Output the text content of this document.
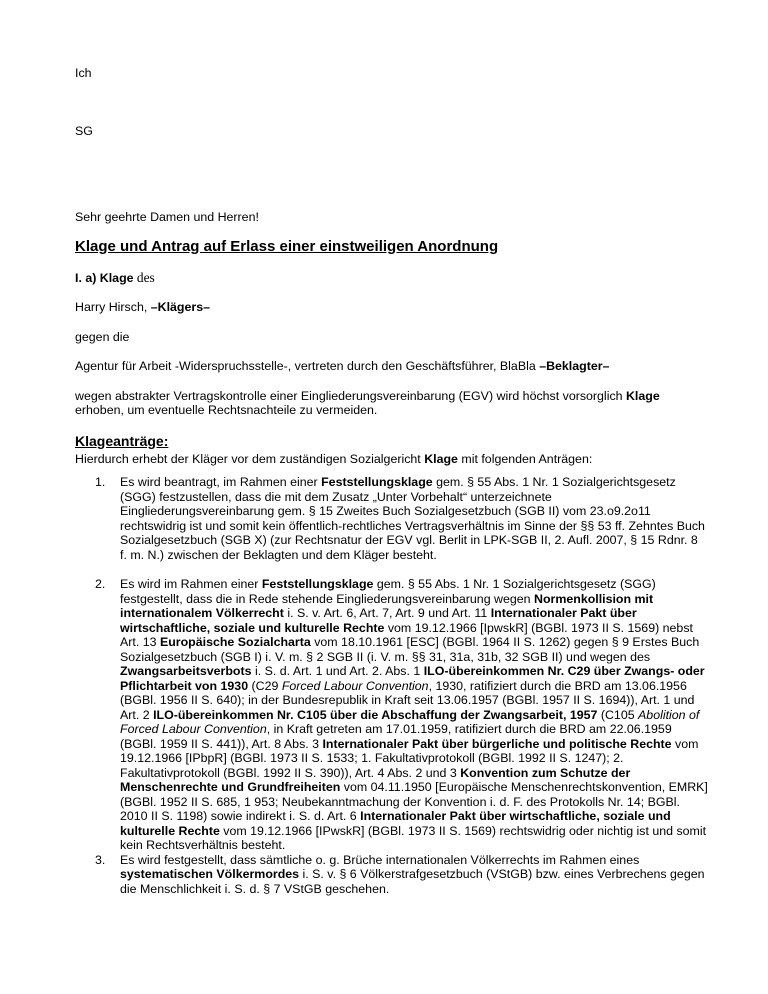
Ich

SG

Sehr geehrte Damen und Herren!

Klage und Antrag auf Erlass einer einstweiligen Anordnung

I. a) Klage des

Harry Hirsch, –Klägers–

gegen die

Agentur für Arbeit -Widerspruchsstelle-, vertreten durch den Geschäftsführer, BlaBla –Beklagter–

wegen abstrakter Vertragskontrolle einer Eingliederungsvereinbarung (EGV) wird höchst vorsorglich Klage erhoben, um eventuelle Rechtsnachteile zu vermeiden.

Klageanträge:

Hierdurch erhebt der Kläger vor dem zuständigen Sozialgericht Klage mit folgenden Anträgen:

1.	Es wird beantragt, im Rahmen einer Feststellungsklage gem. § 55 Abs. 1 Nr. 1 Sozialgerichtsgesetz (SGG) festzustellen, dass die mit dem Zusatz „Unter Vorbehalt“ unterzeichnete Eingliederungsvereinbarung gem. § 15 Zweites Buch Sozialgesetzbuch (SGB II) vom 23.o9.2o11 rechtswidrig ist und somit kein öffentlich-rechtliches Vertragsverhältnis im Sinne der §§ 53 ff. Zehntes Buch Sozialgesetzbuch (SGB X) (zur Rechtsnatur der EGV vgl. Berlit in LPK-SGB II, 2. Aufl. 2007, § 15 Rdnr. 8 f. m. N.) zwischen der Beklagten und dem Kläger besteht.
2.	Es wird im Rahmen einer Feststellungsklage gem. § 55 Abs. 1 Nr. 1 Sozialgerichtsgesetz (SGG) festgestellt, dass die in Rede stehende Eingliederungsvereinbarung wegen Normenkollision mit internationalem Völkerrecht i. S. v. Art. 6, Art. 7, Art. 9 und Art. 11 Internationaler Pakt über wirtschaftliche, soziale und kulturelle Rechte vom 19.12.1966 [IpwskR] (BGBl. 1973 II S. 1569) nebst Art. 13 Europäische Sozialcharta vom 18.10.1961 [ESC] (BGBl. 1964 II S. 1262) gegen § 9 Erstes Buch Sozialgesetzbuch (SGB I) i. V. m. § 2 SGB II (i. V. m. §§ 31, 31a, 31b, 32 SGB II) und wegen des Zwangsarbeitsverbots i. S. d. Art. 1 und Art. 2. Abs. 1 ILO-übereinkommen Nr. C29 über Zwangs- oder Pflichtarbeit von 1930 (C29 Forced Labour Convention, 1930, ratifiziert durch die BRD am 13.06.1956 (BGBl. 1956 II S. 640); in der Bundesrepublik in Kraft seit 13.06.1957 (BGBl. 1957 II S. 1694)), Art. 1 und Art. 2 ILO-übereinkommen Nr. C105 über die Abschaffung der Zwangsarbeit, 1957 (C105 Abolition of Forced Labour Convention, in Kraft getreten am 17.01.1959, ratifiziert durch die BRD am 22.06.1959 (BGBl. 1959 II S. 441)), Art. 8 Abs. 3 Internationaler Pakt über bürgerliche und politische Rechte vom 19.12.1966 [IPbpR] (BGBl. 1973 II S. 1533; 1. Fakultativprotokoll (BGBl. 1992 II S. 1247); 2. Fakultativprotokoll (BGBl. 1992 II S. 390)), Art. 4 Abs. 2 und 3 Konvention zum Schutze der Menschenrechte und Grundfreiheiten vom 04.11.1950 [Europäische Menschenrechtskonvention, EMRK] (BGBl. 1952 II S. 685, 1 953; Neubekanntmachung der Konvention i. d. F. des Protokolls Nr. 14; BGBl. 2010 II S. 1198) sowie indirekt i. S. d. Art. 6 Internationaler Pakt über wirtschaftliche, soziale und kulturelle Rechte vom 19.12.1966 [IPwskR] (BGBl. 1973 II S. 1569) rechtswidrig oder nichtig ist und somit kein Rechtsverhältnis besteht.
3.	Es wird festgestellt, dass sämtliche o. g. Brüche internationalen Völkerrechts im Rahmen eines systematischen Völkermordes i. S. v. § 6 Völkerstrafgesetzbuch (VStGB) bzw. eines Verbrechens gegen die Menschlichkeit i. S. d. § 7 VStGB geschehen.
